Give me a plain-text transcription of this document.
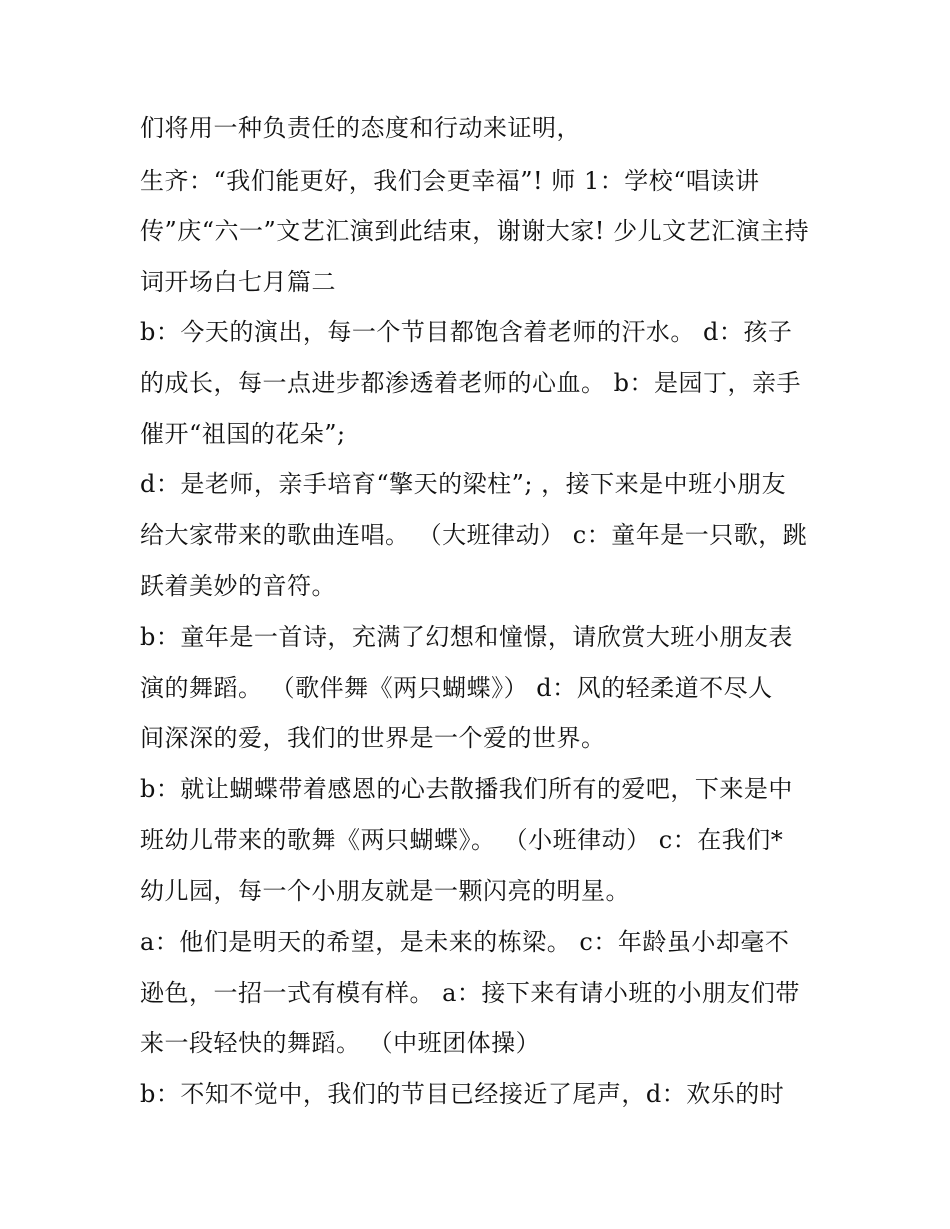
们将用一种负责任的态度和行动来证明，
生齐：“我们能更好，我们会更幸福”! 师 1：学校“唱读讲
传”庆“六一”文艺汇演到此结束，谢谢大家! 少儿文艺汇演主持
词开场白七月篇二
b：今天的演出，每一个节目都饱含着老师的汗水。 d：孩子
的成长，每一点进步都渗透着老师的心血。 b：是园丁，亲手
催开“祖国的花朵”;
d：是老师，亲手培育“擎天的梁柱”; ，接下来是中班小朋友
给大家带来的歌曲连唱。 （大班律动） c：童年是一只歌，跳
跃着美妙的音符。
b：童年是一首诗，充满了幻想和憧憬，请欣赏大班小朋友表
演的舞蹈。 （歌伴舞《两只蝴蝶》） d：风的轻柔道不尽人
间深深的爱，我们的世界是一个爱的世界。
b：就让蝴蝶带着感恩的心去散播我们所有的爱吧，下来是中
班幼儿带来的歌舞《两只蝴蝶》。 （小班律动） c：在我们*
幼儿园，每一个小朋友就是一颗闪亮的明星。
a：他们是明天的希望，是未来的栋梁。 c：年龄虽小却毫不
逊色，一招一式有模有样。 a：接下来有请小班的小朋友们带
来一段轻快的舞蹈。 （中班团体操）
b：不知不觉中，我们的节目已经接近了尾声，d：欢乐的时
